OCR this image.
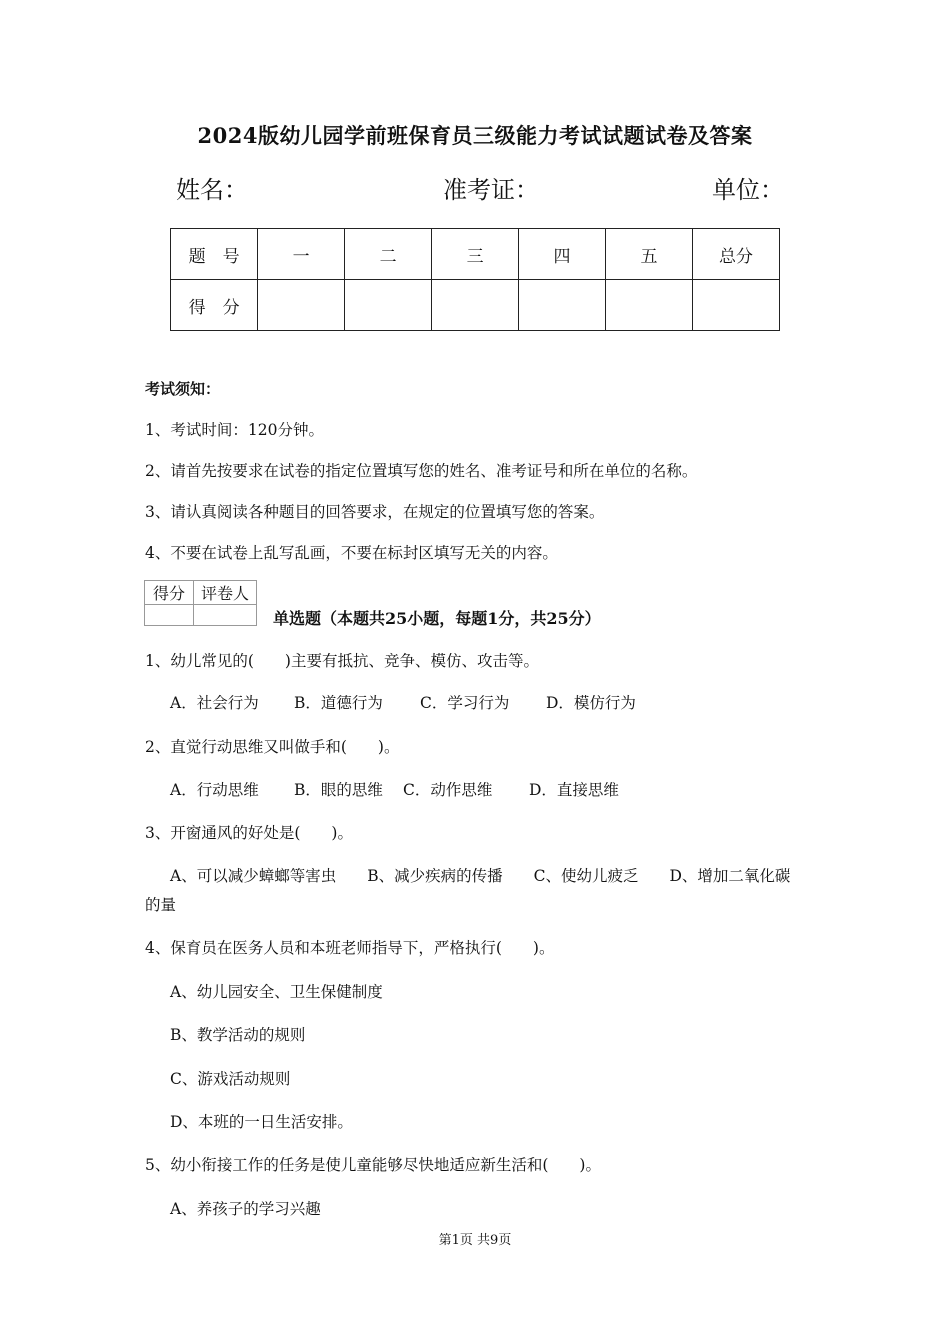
2024版幼儿园学前班保育员三级能力考试试题试卷及答案
姓名：	准考证：	单位：
题　号	一	二	三	四	五	总分
得　分						
考试须知：
1、考试时间：120分钟。
2、请首先按要求在试卷的指定位置填写您的姓名、准考证号和所在单位的名称。
3、请认真阅读各种题目的回答要求，在规定的位置填写您的答案。
4、不要在试卷上乱写乱画，不要在标封区填写无关的内容。
得分	评卷人

单选题（本题共25小题，每题1分，共25分）
1、幼儿常见的(　　)主要有抵抗、竞争、模仿、攻击等。
A．社会行为 B．道德行为 C．学习行为 D．模仿行为
2、直觉行动思维又叫做手和(　　)。
A．行动思维 B．眼的思维 C．动作思维 D．直接思维
3、开窗通风的好处是(　　)。
A、可以减少蟑螂等害虫　　B、减少疾病的传播　　C、使幼儿疲乏　　D、增加二氧化碳
的量
4、保育员在医务人员和本班老师指导下，严格执行(　　)。
A、幼儿园安全、卫生保健制度
B、教学活动的规则
C、游戏活动规则
D、本班的一日生活安排。
5、幼小衔接工作的任务是使儿童能够尽快地适应新生活和(　　)。
A、养孩子的学习兴趣
第1页 共9页
